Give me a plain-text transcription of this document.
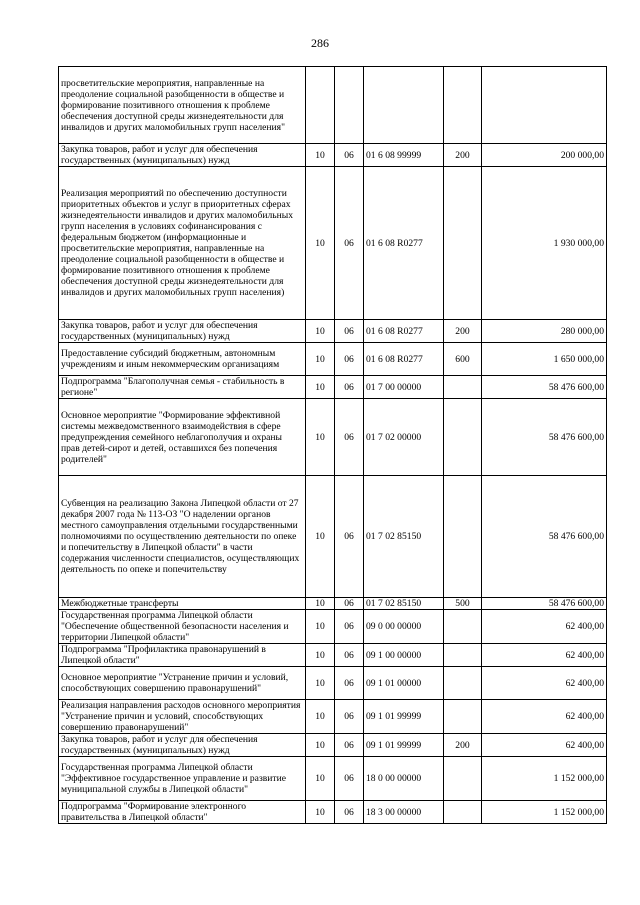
286
просветительские мероприятия, направленные на преодоление социальной разобщенности в обществе и формирование позитивного отношения к проблеме обеспечения доступной среды жизнедеятельности для инвалидов и других маломобильных групп населения"					
Закупка товаров, работ и услуг для обеспечения государственных (муниципальных) нужд	10	06	01 6 08 99999	200	200 000,00
Реализация мероприятий по обеспечению доступности приоритетных объектов и услуг в приоритетных сферах жизнедеятельности инвалидов и других маломобильных групп населения в условиях софинансирования с федеральным бюджетом (информационные и просветительские мероприятия, направленные на преодоление социальной разобщенности в обществе и формирование позитивного отношения к проблеме обеспечения доступной среды жизнедеятельности для инвалидов и других маломобильных групп населения)	10	06	01 6 08 R0277		1 930 000,00
Закупка товаров, работ и услуг для обеспечения государственных (муниципальных) нужд	10	06	01 6 08 R0277	200	280 000,00
Предоставление субсидий бюджетным, автономным учреждениям и иным некоммерческим организациям	10	06	01 6 08 R0277	600	1 650 000,00
Подпрограмма "Благополучная семья - стабильность в регионе"	10	06	01 7 00 00000		58 476 600,00
Основное мероприятие "Формирование эффективной системы межведомственного взаимодействия в сфере предупреждения семейного неблагополучия и охраны прав детей-сирот и детей, оставшихся без попечения родителей"	10	06	01 7 02 00000		58 476 600,00
Субвенция на реализацию Закона Липецкой области от 27 декабря 2007 года № 113-ОЗ "О наделении органов местного самоуправления отдельными государственными полномочиями по осуществлению деятельности по опеке и попечительству в Липецкой области" в части содержания численности специалистов, осуществляющих деятельность по опеке и попечительству	10	06	01 7 02 85150		58 476 600,00
Межбюджетные трансферты	10	06	01 7 02 85150	500	58 476 600,00
Государственная программа Липецкой области "Обеспечение общественной безопасности населения и территории Липецкой области"	10	06	09 0 00 00000		62 400,00
Подпрограмма "Профилактика правонарушений в Липецкой области"	10	06	09 1 00 00000		62 400,00
Основное мероприятие "Устранение причин и условий, способствующих совершению правонарушений"	10	06	09 1 01 00000		62 400,00
Реализация направления расходов основного мероприятия "Устранение причин и условий, способствующих совершению правонарушений"	10	06	09 1 01 99999		62 400,00
Закупка товаров, работ и услуг для обеспечения государственных (муниципальных) нужд	10	06	09 1 01 99999	200	62 400,00
Государственная программа Липецкой области "Эффективное государственное управление и развитие муниципальной службы в Липецкой области"	10	06	18 0 00 00000		1 152 000,00
Подпрограмма "Формирование электронного правительства в Липецкой области"	10	06	18 3 00 00000		1 152 000,00
